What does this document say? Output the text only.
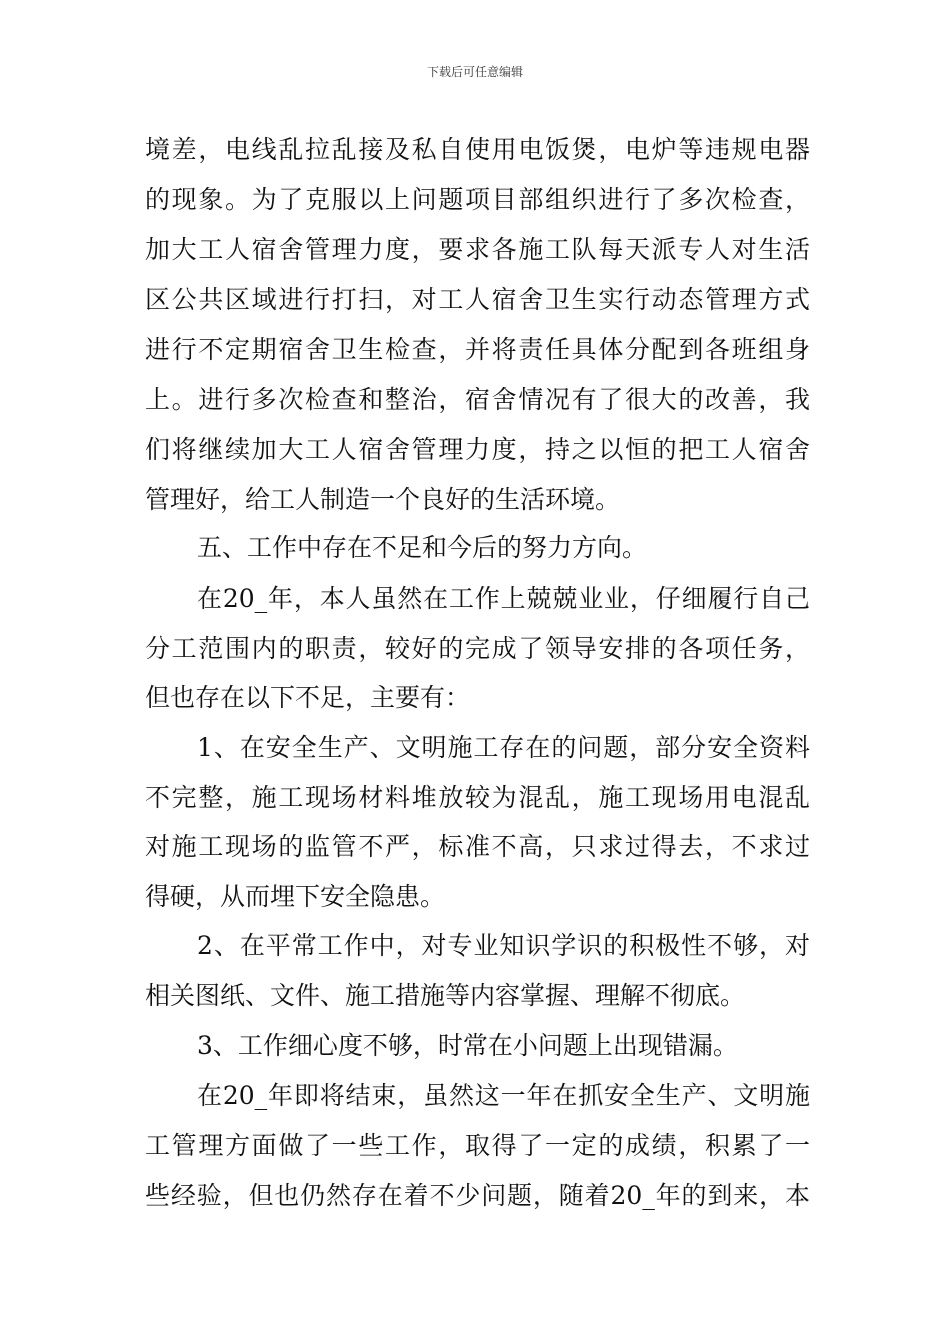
下载后可任意编辑
境差，电线乱拉乱接及私自使用电饭煲，电炉等违规电器
的现象。为了克服以上问题项目部组织进行了多次检查，
加大工人宿舍管理力度，要求各施工队每天派专人对生活
区公共区域进行打扫，对工人宿舍卫生实行动态管理方式
进行不定期宿舍卫生检查，并将责任具体分配到各班组身
上。进行多次检查和整治，宿舍情况有了很大的改善，我
们将继续加大工人宿舍管理力度，持之以恒的把工人宿舍
管理好，给工人制造一个良好的生活环境。
五、工作中存在不足和今后的努力方向。
在20_年，本人虽然在工作上兢兢业业，仔细履行自己
分工范围内的职责，较好的完成了领导安排的各项任务，
但也存在以下不足，主要有：
1、在安全生产、文明施工存在的问题，部分安全资料
不完整，施工现场材料堆放较为混乱，施工现场用电混乱
对施工现场的监管不严，标准不高，只求过得去，不求过
得硬，从而埋下安全隐患。
2、在平常工作中，对专业知识学识的积极性不够，对
相关图纸、文件、施工措施等内容掌握、理解不彻底。
3、工作细心度不够，时常在小问题上出现错漏。
在20_年即将结束，虽然这一年在抓安全生产、文明施
工管理方面做了一些工作，取得了一定的成绩，积累了一
些经验，但也仍然存在着不少问题，随着20_年的到来，本
